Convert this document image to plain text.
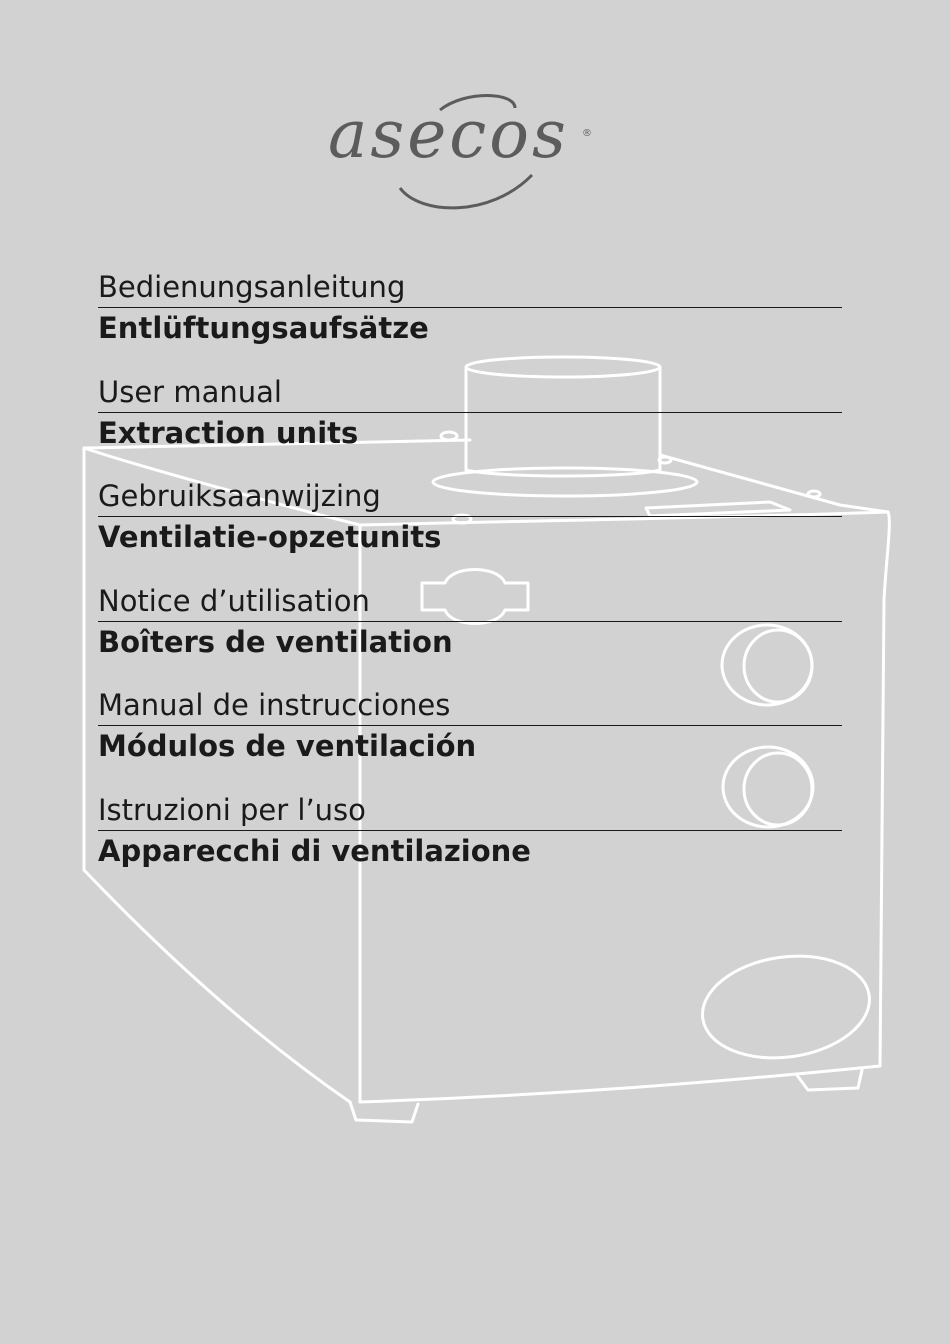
asecos ®
Bedienungsanleitung
Entlüftungsaufsätze
User manual
Extraction units
Gebruiksaanwijzing
Ventilatie-opzetunits
Notice d’utilisation
Boîters de ventilation
Manual de instrucciones
Módulos de ventilación
Istruzioni per l’uso
Apparecchi di ventilazione
